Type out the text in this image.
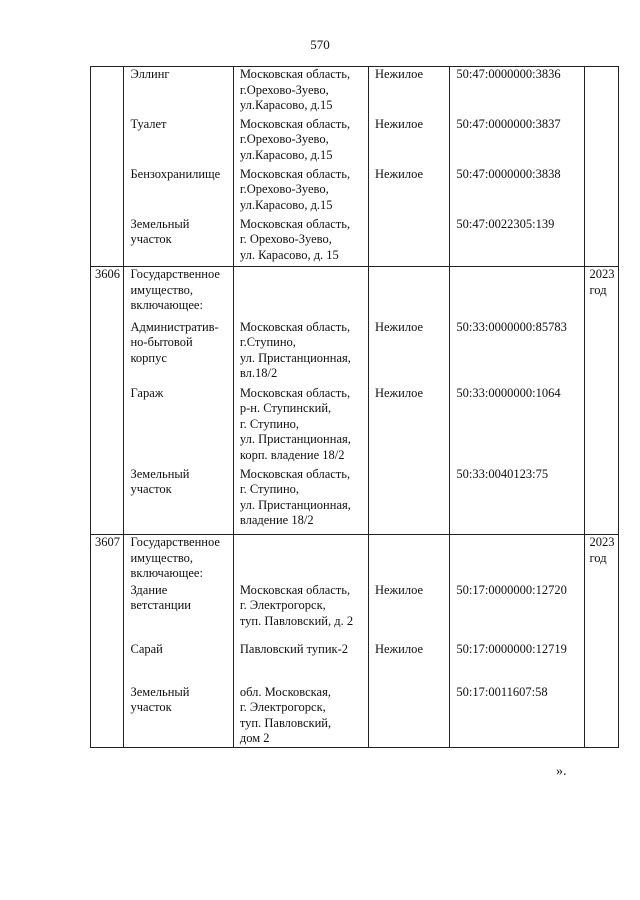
570

	Эллинг	Московская область,
г.Орехово-Зуево,
ул.Карасово, д.15	Нежилое	50:47:0000000:3836	

	Туалет	Московская область,
г.Орехово-Зуево,
ул.Карасово, д.15	Нежилое	50:47:0000000:3837	

	Бензохранилище	Московская область,
г.Орехово-Зуево,
ул.Карасово, д.15	Нежилое	50:47:0000000:3838	

	Земельный
участок	Московская область,
г. Орехово-Зуево,
ул. Карасово, д. 15		50:47:0022305:139	

3606	Государственное
имущество,
включающее:				2023
год

	Административ-
но-бытовой
корпус	Московская область,
г.Ступино,
ул. Пристанционная,
вл.18/2	Нежилое	50:33:0000000:85783	

	Гараж	Московская область,
р-н. Ступинский,
г. Ступино,
ул. Пристанционная,
корп. владение 18/2	Нежилое	50:33:0000000:1064	

	Земельный
участок	Московская область,
г. Ступино,
ул. Пристанционная,
владение 18/2		50:33:0040123:75	

3607	Государственное
имущество,
включающее:				2023
год

	Здание
ветстанции	Московская область,
г. Электрогорск,
туп. Павловский, д. 2	Нежилое	50:17:0000000:12720	

	Сарай	Павловский тупик-2	Нежилое	50:17:0000000:12719	

	Земельный
участок	обл. Московская,
г. Электрогорск,
туп. Павловский,
дом 2		50:17:0011607:58	

».
